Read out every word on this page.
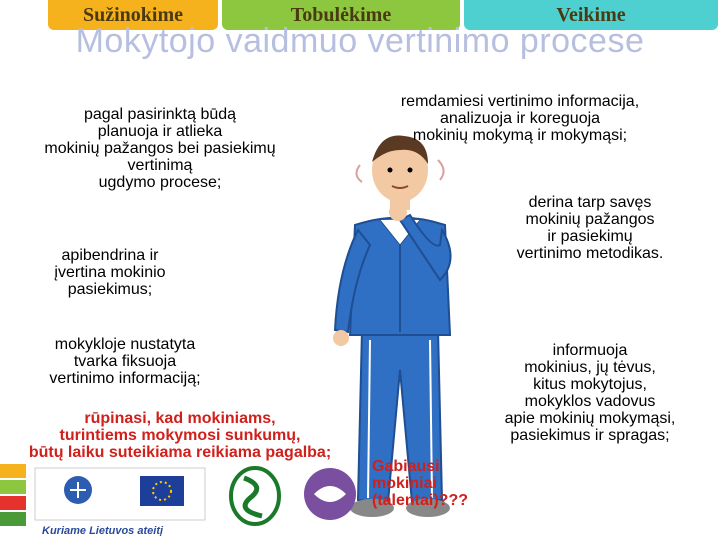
Sužinokime	Tobulėkime	Veikime
Mokytojo vaidmuo vertinimo procese
pagal pasirinktą būdą
planuoja ir atlieka
mokinių pažangos bei pasiekimų
vertinimą
ugdymo procese;
apibendrina ir
įvertina mokinio
pasiekimus;
mokykloje nustatyta
tvarka fiksuoja
vertinimo informaciją;
rūpinasi, kad mokiniams,
turintiems mokymosi sunkumų,
būtų laiku suteikiama reikiama pagalba;
remdamiesi vertinimo informacija,
analizuoja ir koreguoja
mokinių mokymą ir mokymąsi;
derina tarp savęs
mokinių pažangos
ir pasiekimų
vertinimo metodikas.
informuoja
mokinius, jų tėvus,
kitus mokytojus,
mokyklos vadovus
apie mokinių mokymąsi,
pasiekimus ir spragas;
Gabiausi
mokiniai
(talentai)???
Kuriame Lietuvos ateitį
